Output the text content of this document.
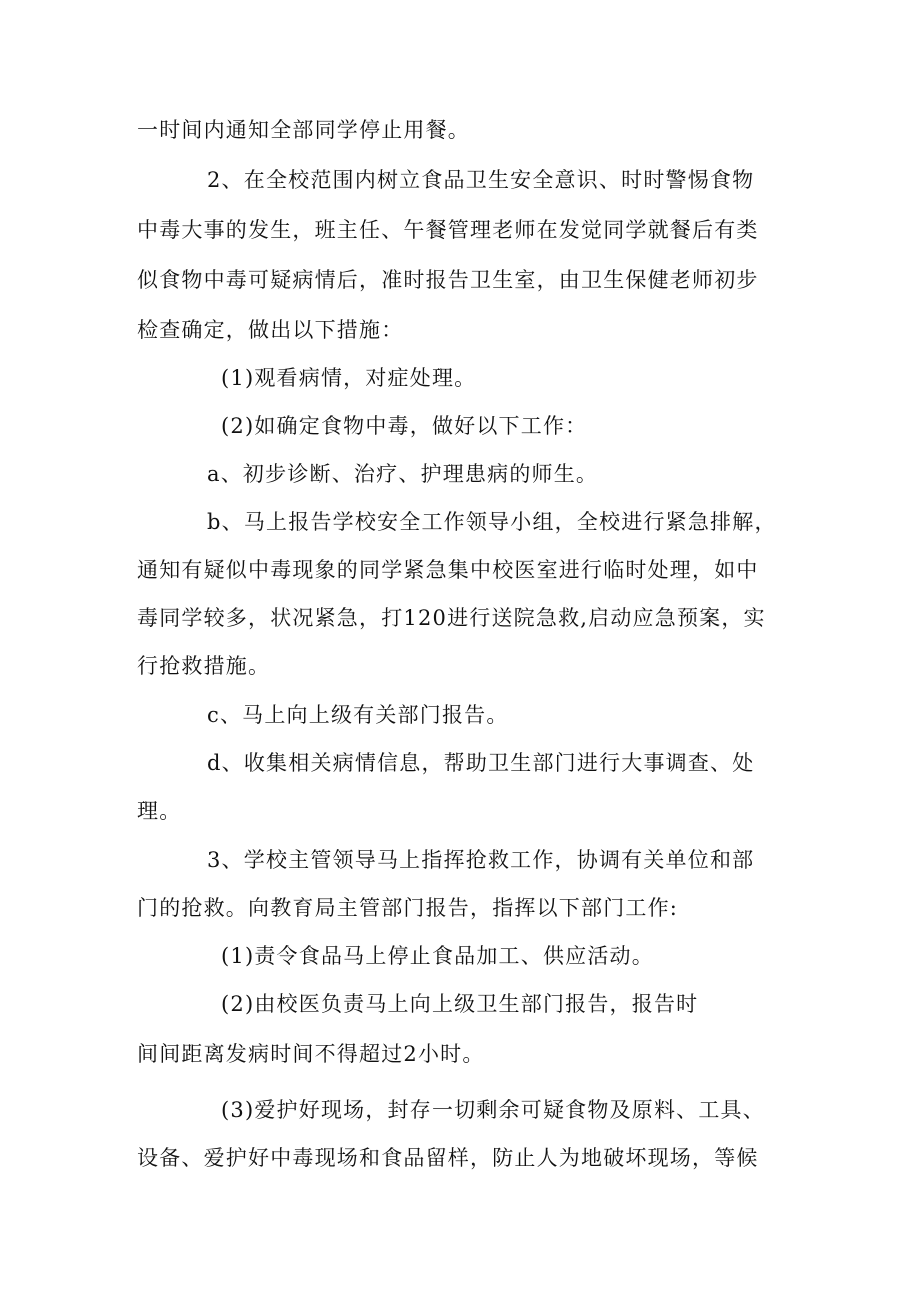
一时间内通知全部同学停止用餐。
2、在全校范围内树立食品卫生安全意识、时时警惕食物
中毒大事的发生，班主任、午餐管理老师在发觉同学就餐后有类
似食物中毒可疑病情后，准时报告卫生室，由卫生保健老师初步
检查确定，做出以下措施：
(1)观看病情，对症处理。
(2)如确定食物中毒，做好以下工作：
a、初步诊断、治疗、护理患病的师生。
b、马上报告学校安全工作领导小组，全校进行紧急排解，
通知有疑似中毒现象的同学紧急集中校医室进行临时处理，如中
毒同学较多，状况紧急，打120进行送院急救,启动应急预案，实
行抢救措施。
c、马上向上级有关部门报告。
d、收集相关病情信息，帮助卫生部门进行大事调查、处
理。
3、学校主管领导马上指挥抢救工作，协调有关单位和部
门的抢救。向教育局主管部门报告，指挥以下部门工作:
(1)责令食品马上停止食品加工、供应活动。
(2)由校医负责马上向上级卫生部门报告，报告时
间间距离发病时间不得超过2小时。
(3)爱护好现场，封存一切剩余可疑食物及原料、工具、
设备、爱护好中毒现场和食品留样，防止人为地破坏现场，等候
